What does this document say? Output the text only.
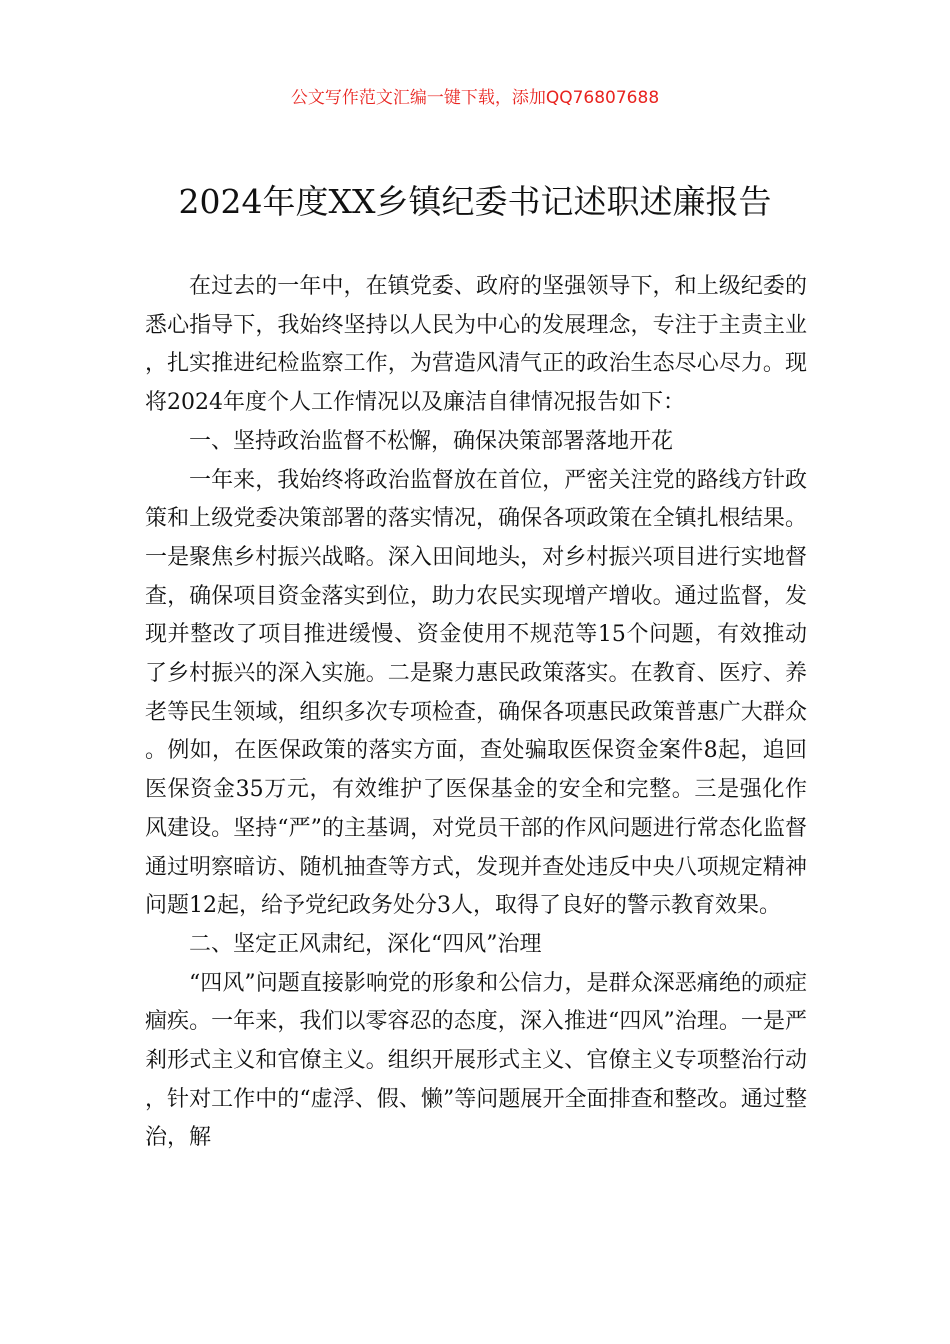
公文写作范文汇编一键下载，添加QQ76807688
2024年度XX乡镇纪委书记述职述廉报告

在过去的一年中，在镇党委、政府的坚强领导下，和上级纪委的悉心指导下，我始终坚持以人民为中心的发展理念，专注于主责主业，扎实推进纪检监察工作，为营造风清气正的政治生态尽心尽力。现将2024年度个人工作情况以及廉洁自律情况报告如下：

一、坚持政治监督不松懈，确保决策部署落地开花

一年来，我始终将政治监督放在首位，严密关注党的路线方针政策和上级党委决策部署的落实情况，确保各项政策在全镇扎根结果。一是聚焦乡村振兴战略。深入田间地头，对乡村振兴项目进行实地督查，确保项目资金落实到位，助力农民实现增产增收。通过监督，发现并整改了项目推进缓慢、资金使用不规范等15个问题，有效推动了乡村振兴的深入实施。二是聚力惠民政策落实。在教育、医疗、养老等民生领域，组织多次专项检查，确保各项惠民政策普惠广大群众。例如，在医保政策的落实方面，查处骗取医保资金案件8起，追回医保资金35万元，有效维护了医保基金的安全和完整。三是强化作风建设。坚持“严”的主基调，对党员干部的作风问题进行常态化监督通过明察暗访、随机抽查等方式，发现并查处违反中央八项规定精神问题12起，给予党纪政务处分3人，取得了良好的警示教育效果。

二、坚定正风肃纪，深化“四风”治理

“四风”问题直接影响党的形象和公信力，是群众深恶痛绝的顽症痼疾。一年来，我们以零容忍的态度，深入推进“四风”治理。一是严剎形式主义和官僚主义。组织开展形式主义、官僚主义专项整治行动，针对工作中的“虚浮、假、懒”等问题展开全面排查和整改。通过整治，解
